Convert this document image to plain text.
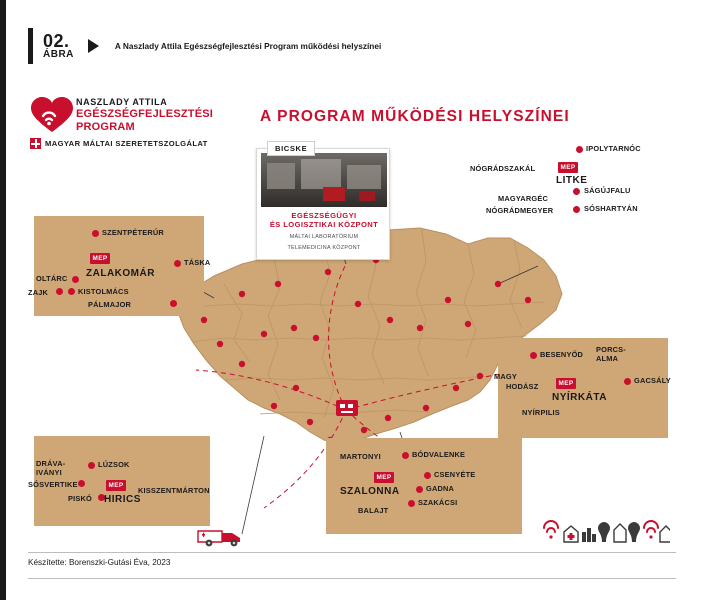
02.
ÁBRA
A Naszlady Attila Egészségfejlesztési Program működési helyszínei
NASZLADY ATTILA
EGÉSZSÉGFEJLESZTÉSI
PROGRAM
MAGYAR MÁLTAI SZERETETSZOLGÁLAT
A PROGRAM MŰKÖDÉSI HELYSZÍNEI
BICSKE
EGÉSZSÉGÜGYI
ÉS LOGISZTIKAI KÖZPONT
MÁLTAI LABORATÓRIUM
TELEMEDICINA KÖZPONT
SZENTPÉTERÚR
TÁSKA
MEP
ZALAKOMÁR
OLTÁRC
ZAJK	KISTOLMÁCS
PÁLMAJOR
IPOLYTARNÓC
NÓGRÁDSZAKÁL	MEP
LITKE
SÁGÚJFALU
MAGYARGÉC
NÓGRÁDMEGYER	SÓSHARTYÁN
BESENYŐD
PORCS-ALMA
MAGY
HODÁSZ	MEP	GACSÁLY
NYÍRKÁTA
NYÍRPILIS
DRÁVA-IVÁNYI
LÚZSOK
SÓSVERTIKE	MEP
PISKÓ
KISSZENTMÁRTON
HIRICS
MARTONYI	BÓDVALENKE
MEP	CSENYÉTE
SZALONNA	GADNA
SZAKÁCSI
BALAJT
Készítette: Borenszki-Gutási Éva, 2023
